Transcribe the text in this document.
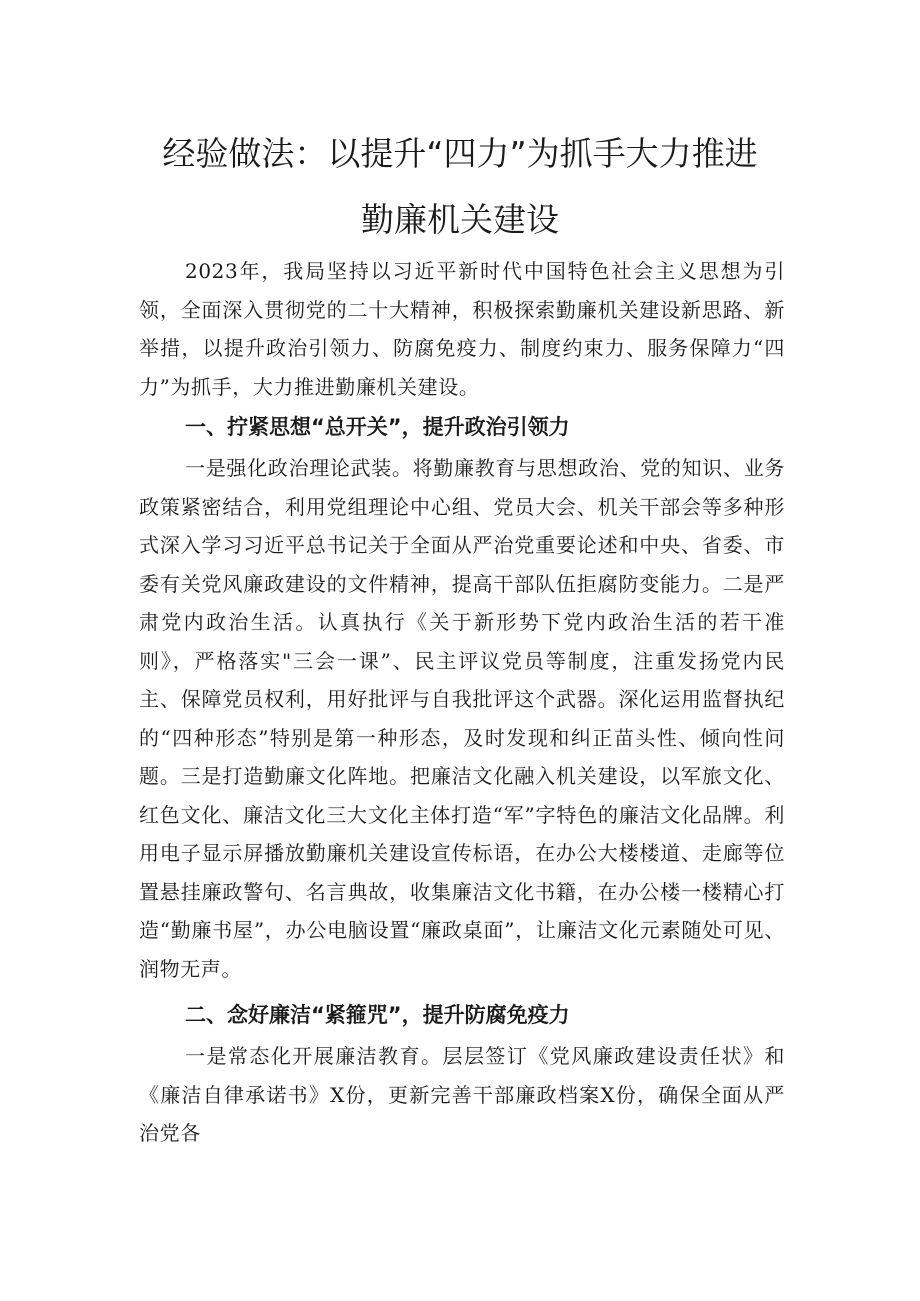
经验做法：以提升“四力”为抓手大力推进
勤廉机关建设

2023年，我局坚持以习近平新时代中国特色社会主义思想为引领，全面深入贯彻党的二十大精神，积极探索勤廉机关建设新思路、新举措，以提升政治引领力、防腐免疫力、制度约束力、服务保障力“四力”为抓手，大力推进勤廉机关建设。

一、拧紧思想“总开关”，提升政治引领力

一是强化政治理论武装。将勤廉教育与思想政治、党的知识、业务政策紧密结合，利用党组理论中心组、党员大会、机关干部会等多种形式深入学习习近平总书记关于全面从严治党重要论述和中央、省委、市委有关党风廉政建设的文件精神，提高干部队伍拒腐防变能力。二是严肃党内政治生活。认真执行《关于新形势下党内政治生活的若干准则》，严格落实"三会一课”、民主评议党员等制度，注重发扬党内民主、保障党员权利，用好批评与自我批评这个武器。深化运用监督执纪的“四种形态”特别是第一种形态，及时发现和纠正苗头性、倾向性问题。三是打造勤廉文化阵地。把廉洁文化融入机关建设，以军旅文化、红色文化、廉洁文化三大文化主体打造“军”字特色的廉洁文化品牌。利用电子显示屏播放勤廉机关建设宣传标语，在办公大楼楼道、走廊等位置悬挂廉政警句、名言典故，收集廉洁文化书籍，在办公楼一楼精心打造“勤廉书屋”，办公电脑设置“廉政桌面”，让廉洁文化元素随处可见、润物无声。

二、念好廉洁“紧箍咒”，提升防腐免疫力

一是常态化开展廉洁教育。层层签订《党风廉政建设责任状》和《廉洁自律承诺书》X份，更新完善干部廉政档案X份，确保全面从严治党各
